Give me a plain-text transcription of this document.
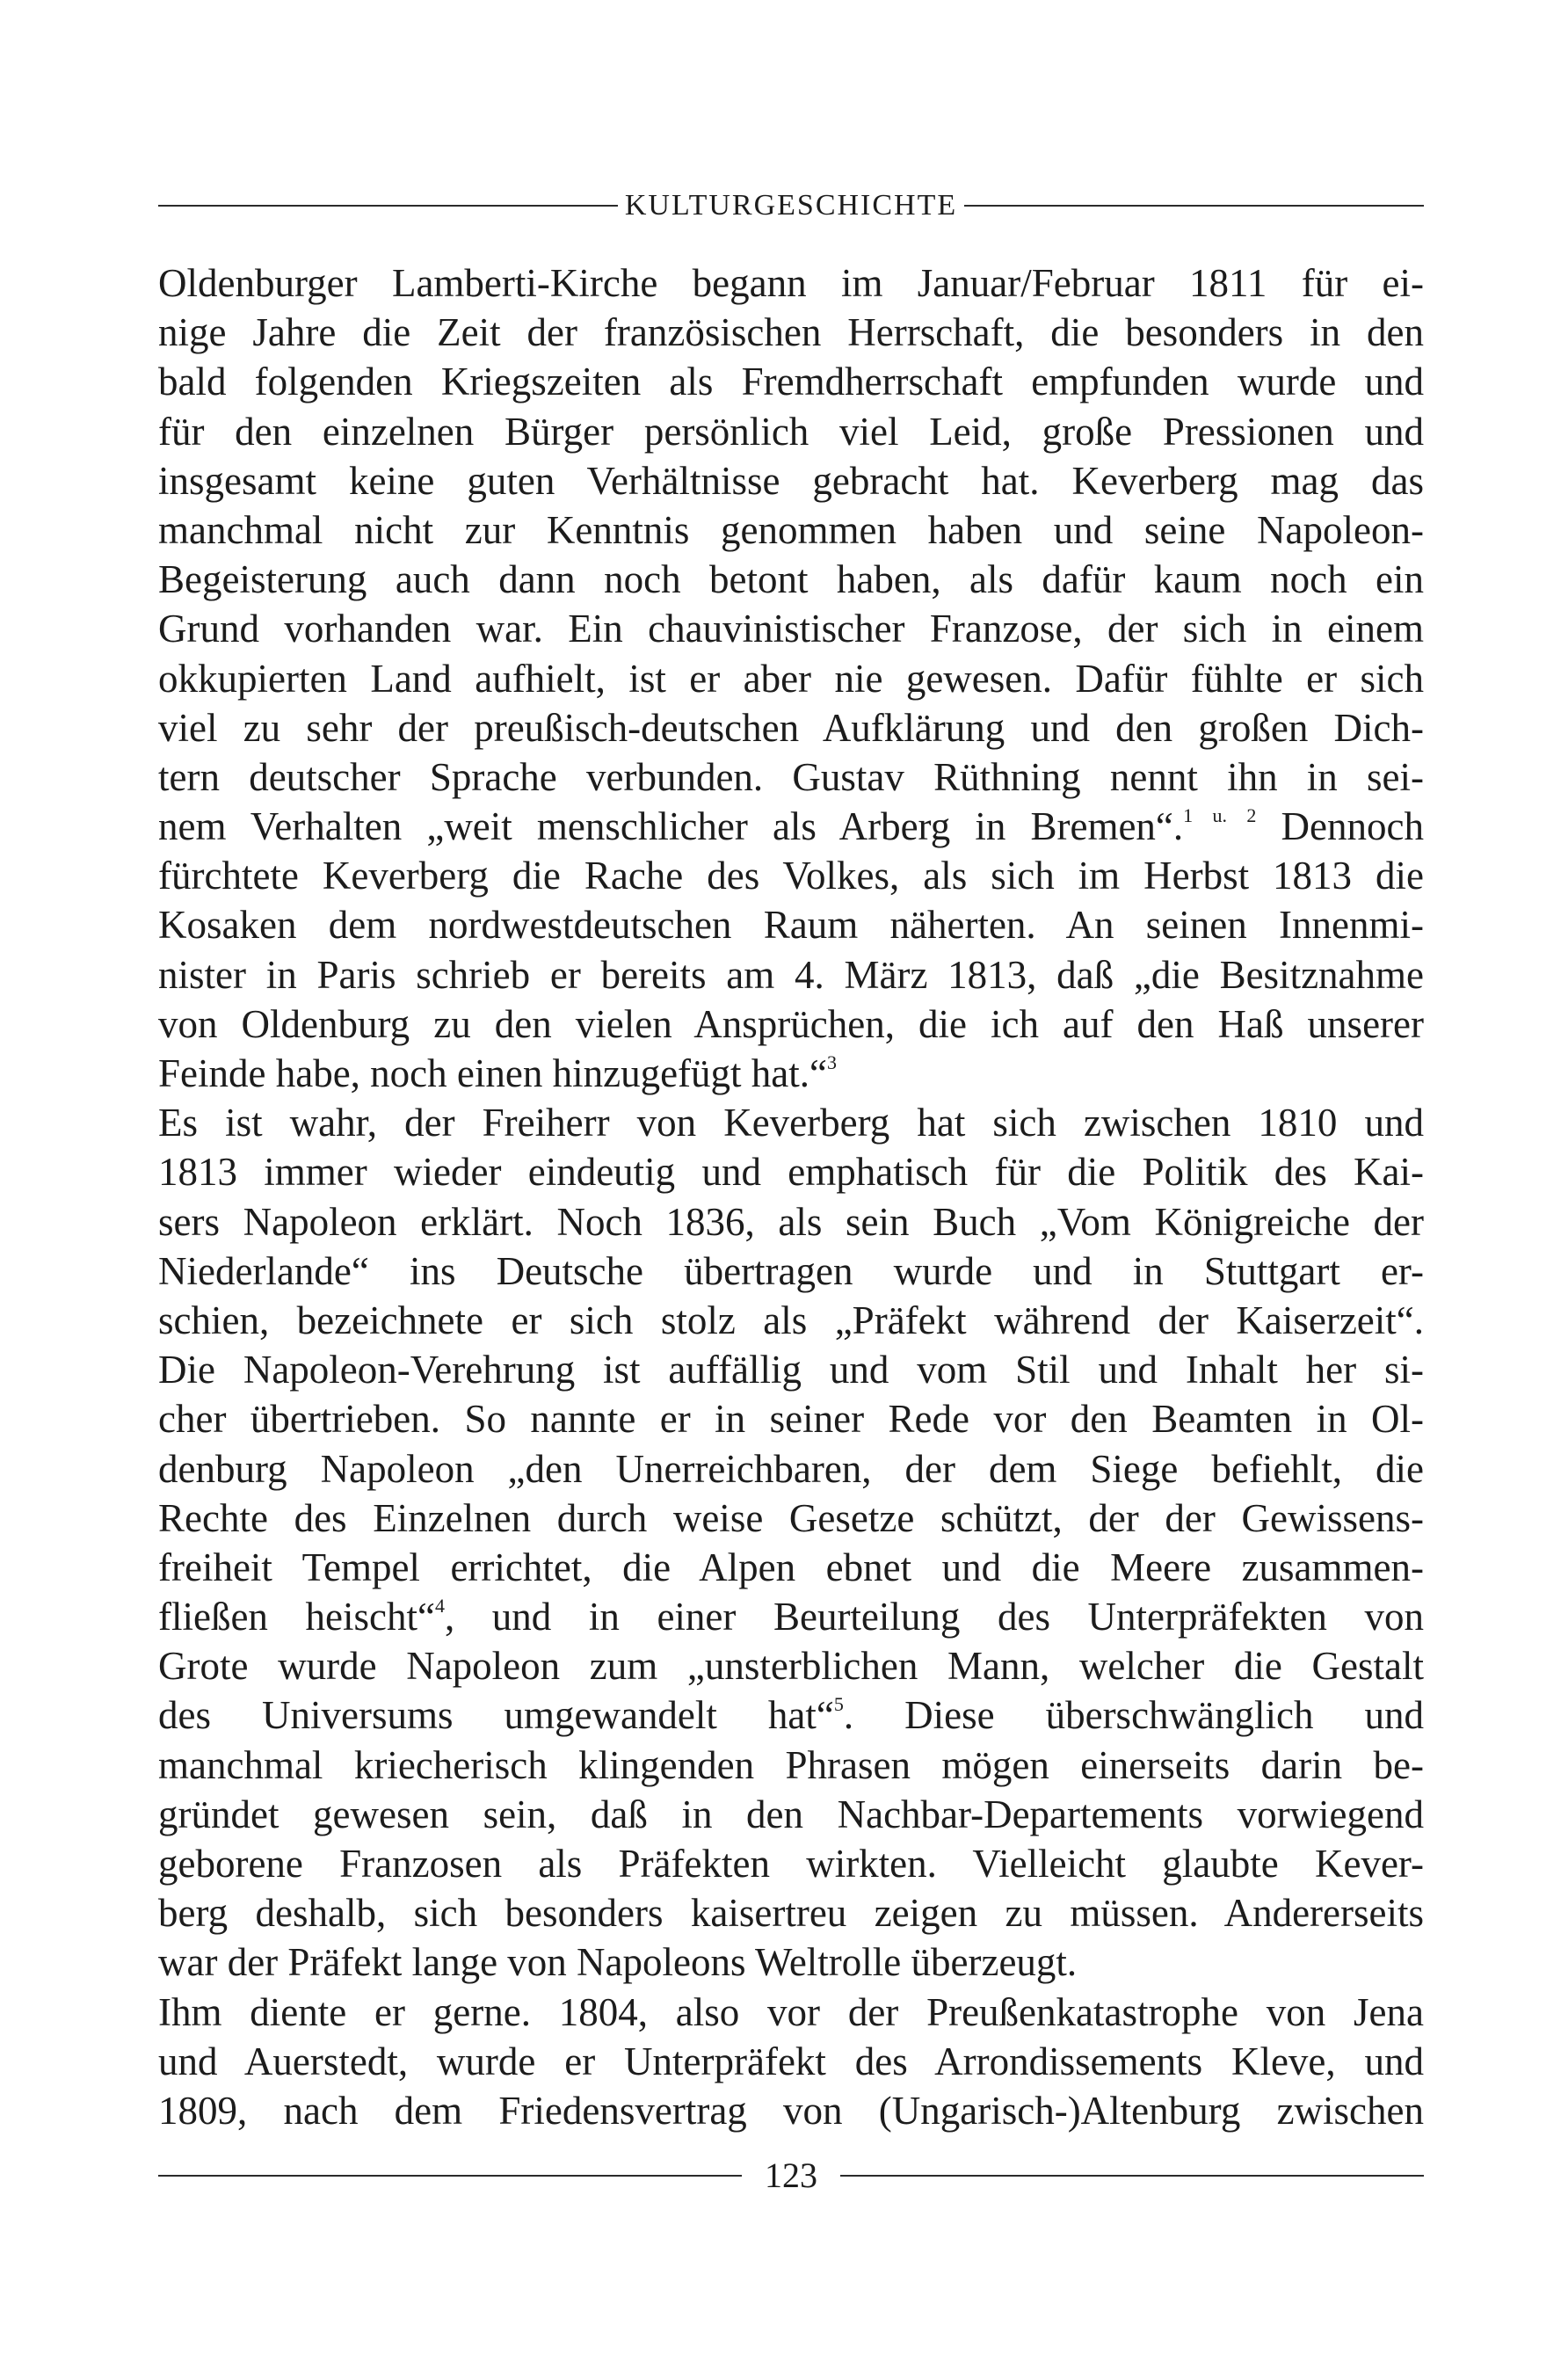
KULTURGESCHICHTE
Oldenburger Lamberti-Kirche begann im Januar/Februar 1811 für ei-
nige Jahre die Zeit der französischen Herrschaft, die besonders in den
bald folgenden Kriegszeiten als Fremdherrschaft empfunden wurde und
für den einzelnen Bürger persönlich viel Leid, große Pressionen und
insgesamt keine guten Verhältnisse gebracht hat. Keverberg mag das
manchmal nicht zur Kenntnis genommen haben und seine Napoleon-
Begeisterung auch dann noch betont haben, als dafür kaum noch ein
Grund vorhanden war. Ein chauvinistischer Franzose, der sich in einem
okkupierten Land aufhielt, ist er aber nie gewesen. Dafür fühlte er sich
viel zu sehr der preußisch-deutschen Aufklärung und den großen Dich-
tern deutscher Sprache verbunden. Gustav Rüthning nennt ihn in sei-
nem Verhalten „weit menschlicher als Arberg in Bremen“.$^{1 u. 2}$ Dennoch
fürchtete Keverberg die Rache des Volkes, als sich im Herbst 1813 die
Kosaken dem nordwestdeutschen Raum näherten. An seinen Innenmi-
nister in Paris schrieb er bereits am 4. März 1813, daß „die Besitznahme
von Oldenburg zu den vielen Ansprüchen, die ich auf den Haß unserer
Feinde habe, noch einen hinzugefügt hat.“$^3$
Es ist wahr, der Freiherr von Keverberg hat sich zwischen 1810 und
1813 immer wieder eindeutig und emphatisch für die Politik des Kai-
sers Napoleon erklärt. Noch 1836, als sein Buch „Vom Königreiche der
Niederlande“ ins Deutsche übertragen wurde und in Stuttgart er-
schien, bezeichnete er sich stolz als „Präfekt während der Kaiserzeit“.
Die Napoleon-Verehrung ist auffällig und vom Stil und Inhalt her si-
cher übertrieben. So nannte er in seiner Rede vor den Beamten in Ol-
denburg Napoleon „den Unerreichbaren, der dem Siege befiehlt, die
Rechte des Einzelnen durch weise Gesetze schützt, der der Gewissens-
freiheit Tempel errichtet, die Alpen ebnet und die Meere zusammen-
fließen heischt“$^4$, und in einer Beurteilung des Unterpräfekten von
Grote wurde Napoleon zum „unsterblichen Mann, welcher die Gestalt
des Universums umgewandelt hat“$^5$. Diese überschwänglich und
manchmal kriecherisch klingenden Phrasen mögen einerseits darin be-
gründet gewesen sein, daß in den Nachbar-Departements vorwiegend
geborene Franzosen als Präfekten wirkten. Vielleicht glaubte Kever-
berg deshalb, sich besonders kaisertreu zeigen zu müssen. Andererseits
war der Präfekt lange von Napoleons Weltrolle überzeugt.
Ihm diente er gerne. 1804, also vor der Preußenkatastrophe von Jena
und Auerstedt, wurde er Unterpräfekt des Arrondissements Kleve, und
1809, nach dem Friedensvertrag von (Ungarisch-)Altenburg zwischen
123
